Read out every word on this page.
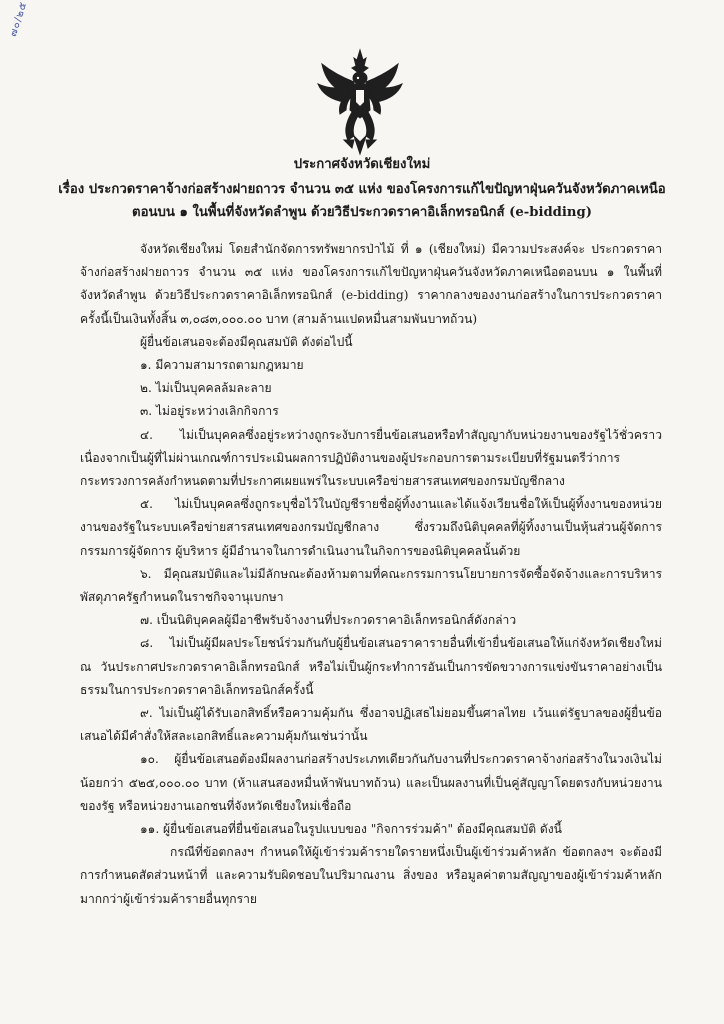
๗๐/๒๕
ประกาศจังหวัดเชียงใหม่
เรื่อง ประกวดราคาจ้างก่อสร้างฝายถาวร จำนวน ๓๕ แห่ง ของโครงการแก้ไขปัญหาฝุ่นควันจังหวัดภาคเหนือ
ตอนบน ๑ ในพื้นที่จังหวัดลำพูน ด้วยวิธีประกวดราคาอิเล็กทรอนิกส์ (e-bidding)

จังหวัดเชียงใหม่ โดยสำนักจัดการทรัพยากรป่าไม้ ที่ ๑ (เชียงใหม่) มีความประสงค์จะ ประกวดราคาจ้างก่อสร้างฝายถาวร จำนวน ๓๕ แห่ง ของโครงการแก้ไขปัญหาฝุ่นควันจังหวัดภาคเหนือตอนบน ๑ ในพื้นที่จังหวัดลำพูน ด้วยวิธีประกวดราคาอิเล็กทรอนิกส์ (e-bidding) ราคากลางของงานก่อสร้างในการประกวดราคาครั้งนี้เป็นเงินทั้งสิ้น ๓,๐๘๓,๐๐๐.๐๐ บาท (สามล้านแปดหมื่นสามพันบาทถ้วน)

ผู้ยื่นข้อเสนอจะต้องมีคุณสมบัติ ดังต่อไปนี้

๑. มีความสามารถตามกฎหมาย

๒. ไม่เป็นบุคคลล้มละลาย

๓. ไม่อยู่ระหว่างเลิกกิจการ

๔. ไม่เป็นบุคคลซึ่งอยู่ระหว่างถูกระงับการยื่นข้อเสนอหรือทำสัญญากับหน่วยงานของรัฐไว้ชั่วคราว เนื่องจากเป็นผู้ที่ไม่ผ่านเกณฑ์การประเมินผลการปฏิบัติงานของผู้ประกอบการตามระเบียบที่รัฐมนตรีว่าการกระทรวงการคลังกำหนดตามที่ประกาศเผยแพร่ในระบบเครือข่ายสารสนเทศของกรมบัญชีกลาง

๕. ไม่เป็นบุคคลซึ่งถูกระบุชื่อไว้ในบัญชีรายชื่อผู้ทิ้งงานและได้แจ้งเวียนชื่อให้เป็นผู้ทิ้งงานของหน่วยงานของรัฐในระบบเครือข่ายสารสนเทศของกรมบัญชีกลาง ซึ่งรวมถึงนิติบุคคลที่ผู้ทิ้งงานเป็นหุ้นส่วนผู้จัดการ กรรมการผู้จัดการ ผู้บริหาร ผู้มีอำนาจในการดำเนินงานในกิจการของนิติบุคคลนั้นด้วย

๖. มีคุณสมบัติและไม่มีลักษณะต้องห้ามตามที่คณะกรรมการนโยบายการจัดซื้อจัดจ้างและการบริหารพัสดุภาครัฐกำหนดในราชกิจจานุเบกษา

๗. เป็นนิติบุคคลผู้มีอาชีพรับจ้างงานที่ประกวดราคาอิเล็กทรอนิกส์ดังกล่าว

๘. ไม่เป็นผู้มีผลประโยชน์ร่วมกันกับผู้ยื่นข้อเสนอราคารายอื่นที่เข้ายื่นข้อเสนอให้แก่จังหวัดเชียงใหม่ ณ วันประกาศประกวดราคาอิเล็กทรอนิกส์ หรือไม่เป็นผู้กระทำการอันเป็นการขัดขวางการแข่งขันราคาอย่างเป็นธรรมในการประกวดราคาอิเล็กทรอนิกส์ครั้งนี้

๙. ไม่เป็นผู้ได้รับเอกสิทธิ์หรือความคุ้มกัน ซึ่งอาจปฏิเสธไม่ยอมขึ้นศาลไทย เว้นแต่รัฐบาลของผู้ยื่นข้อเสนอได้มีคำสั่งให้สละเอกสิทธิ์และความคุ้มกันเช่นว่านั้น

๑๐. ผู้ยื่นข้อเสนอต้องมีผลงานก่อสร้างประเภทเดียวกันกับงานที่ประกวดราคาจ้างก่อสร้างในวงเงินไม่น้อยกว่า ๕๒๕,๐๐๐.๐๐ บาท (ห้าแสนสองหมื่นห้าพันบาทถ้วน) และเป็นผลงานที่เป็นคู่สัญญาโดยตรงกับหน่วยงานของรัฐ หรือหน่วยงานเอกชนที่จังหวัดเชียงใหม่เชื่อถือ

๑๑. ผู้ยื่นข้อเสนอที่ยื่นข้อเสนอในรูปแบบของ "กิจการร่วมค้า" ต้องมีคุณสมบัติ ดังนี้

กรณีที่ข้อตกลงฯ กำหนดให้ผู้เข้าร่วมค้ารายใดรายหนึ่งเป็นผู้เข้าร่วมค้าหลัก ข้อตกลงฯ จะต้องมีการกำหนดสัดส่วนหน้าที่ และความรับผิดชอบในปริมาณงาน สิ่งของ หรือมูลค่าตามสัญญาของผู้เข้าร่วมค้าหลักมากกว่าผู้เข้าร่วมค้ารายอื่นทุกราย
